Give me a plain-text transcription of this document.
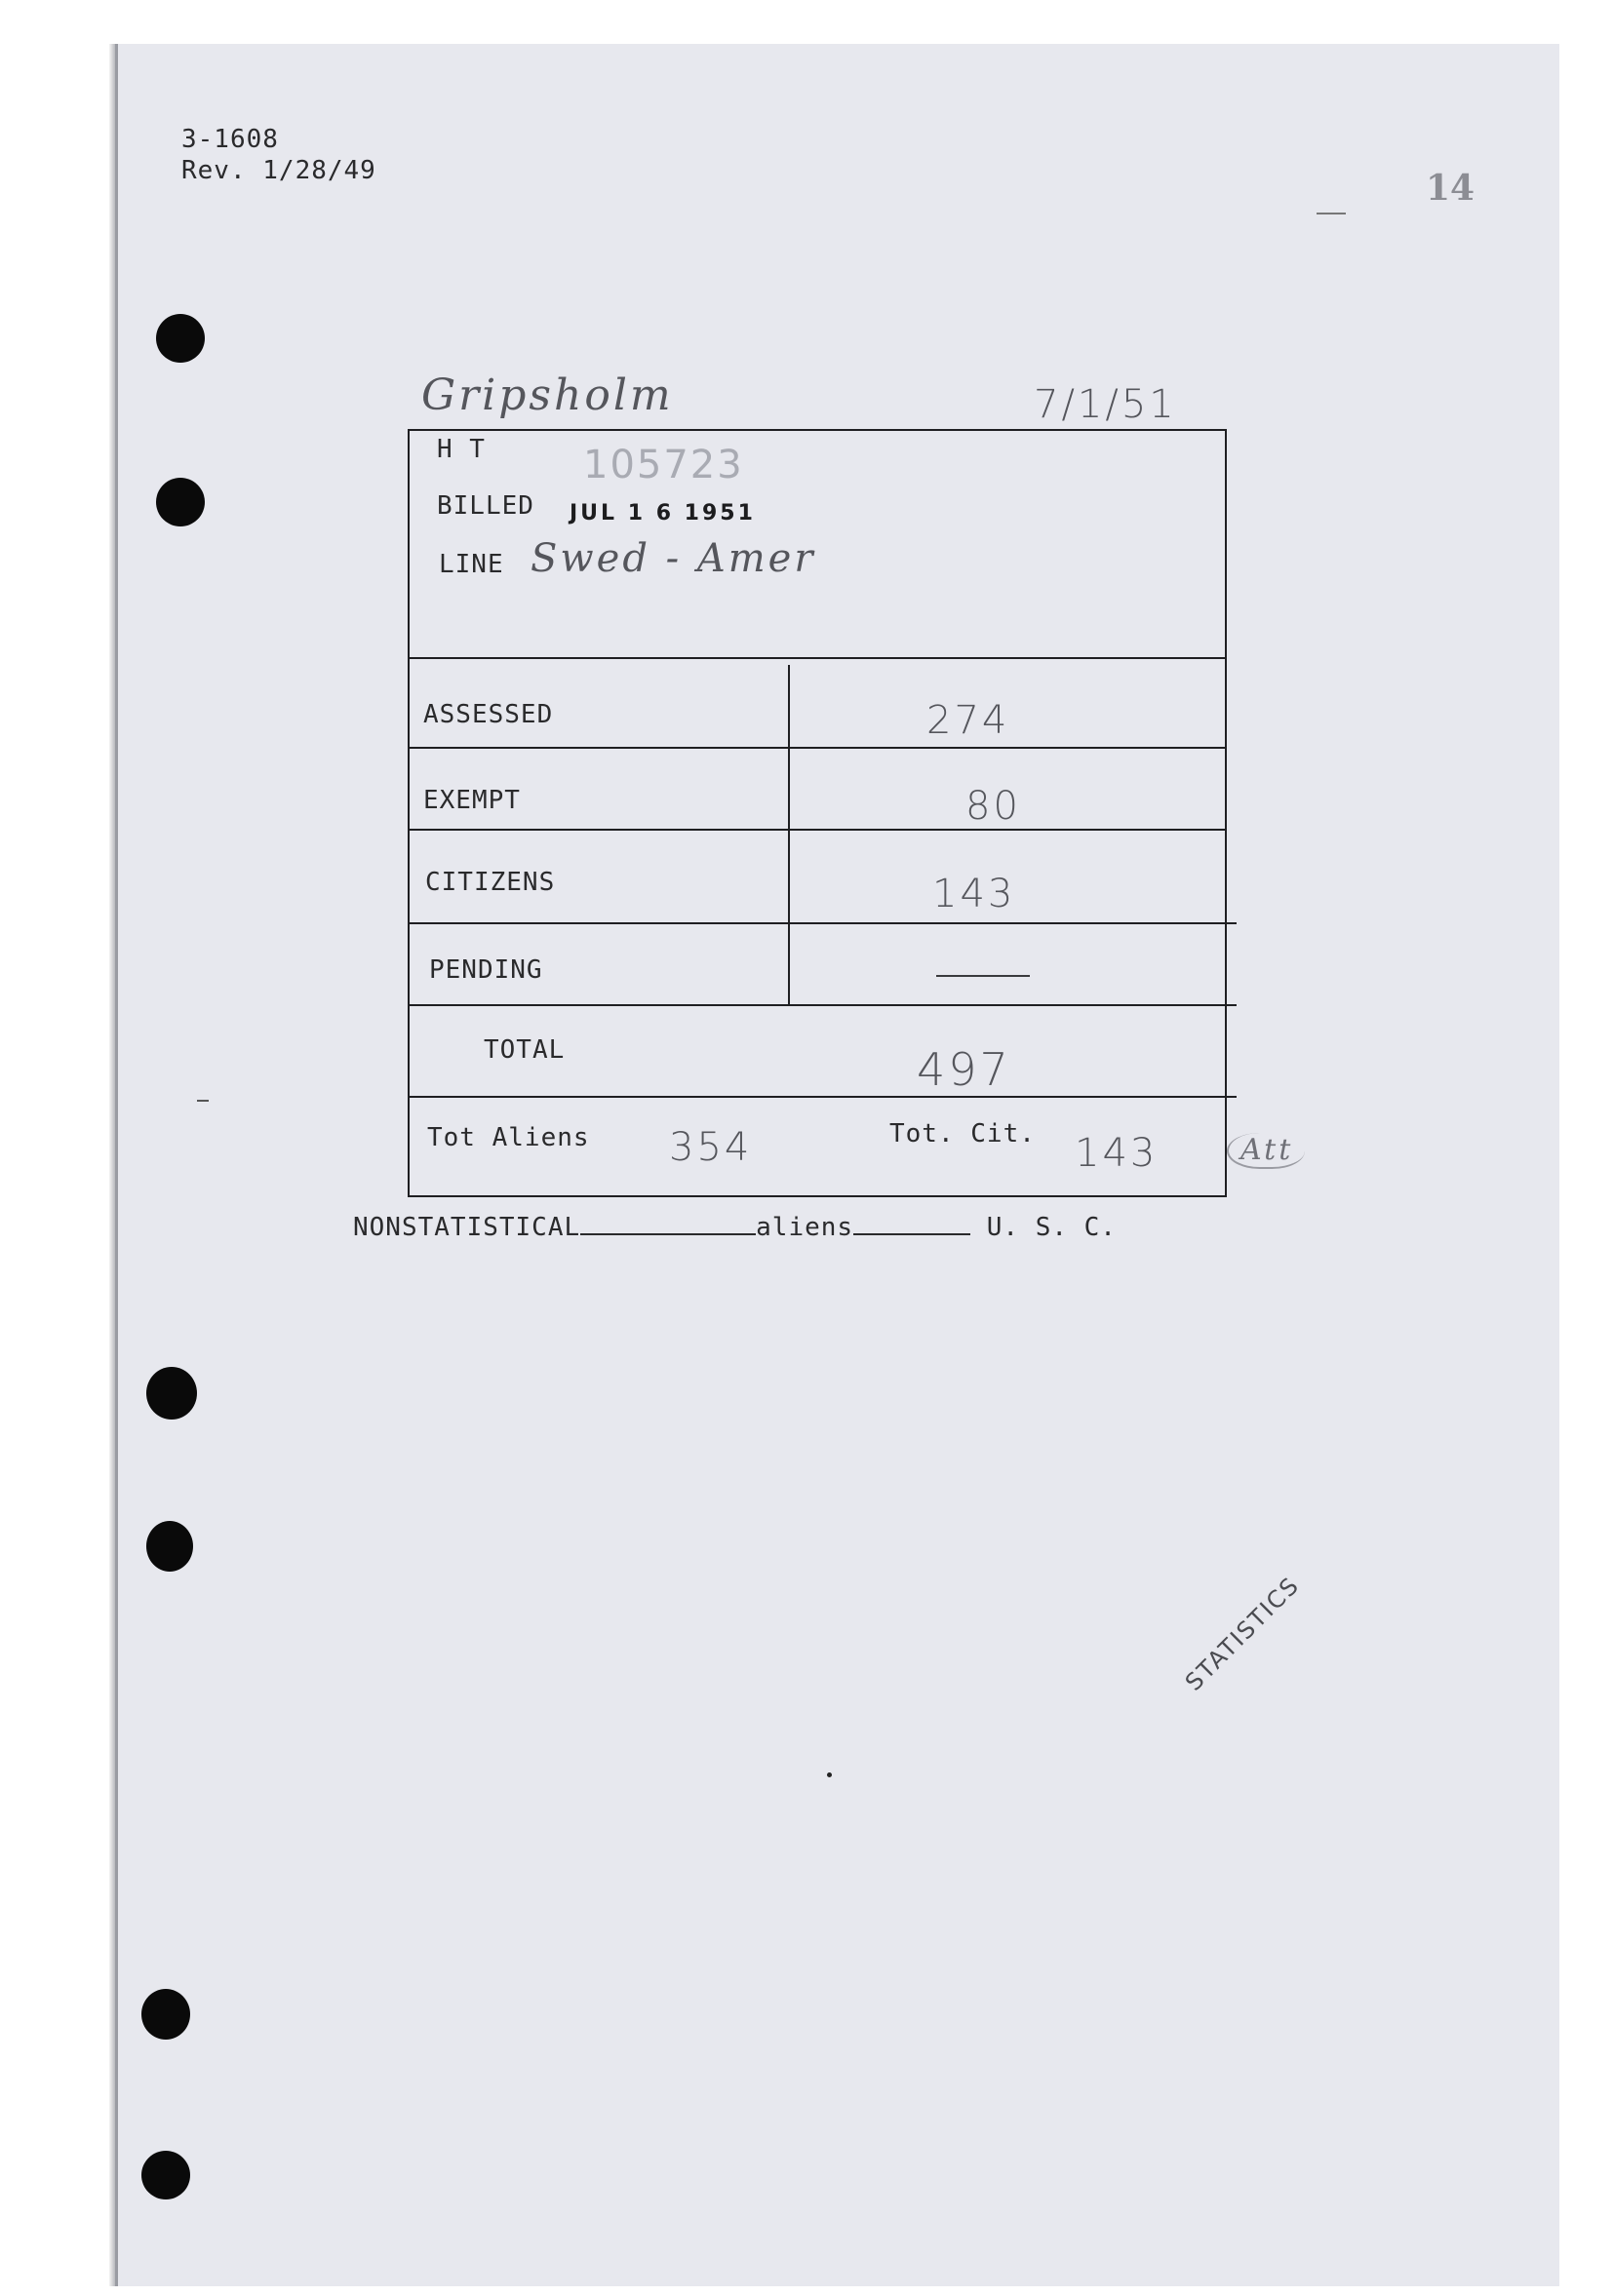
3-1608
Rev. 1/28/49	14
Gripsholm	7/1/51
H T	105723
BILLED JUL 1 6 1951
LINE Swed - Amer
ASSESSED	274
EXEMPT	80
CITIZENS	143
PENDING
TOTAL	497
Tot Aliens 354	Tot. Cit. 143	Att
NONSTATISTICAL	aliens	U. S. C.
STATISTICS
